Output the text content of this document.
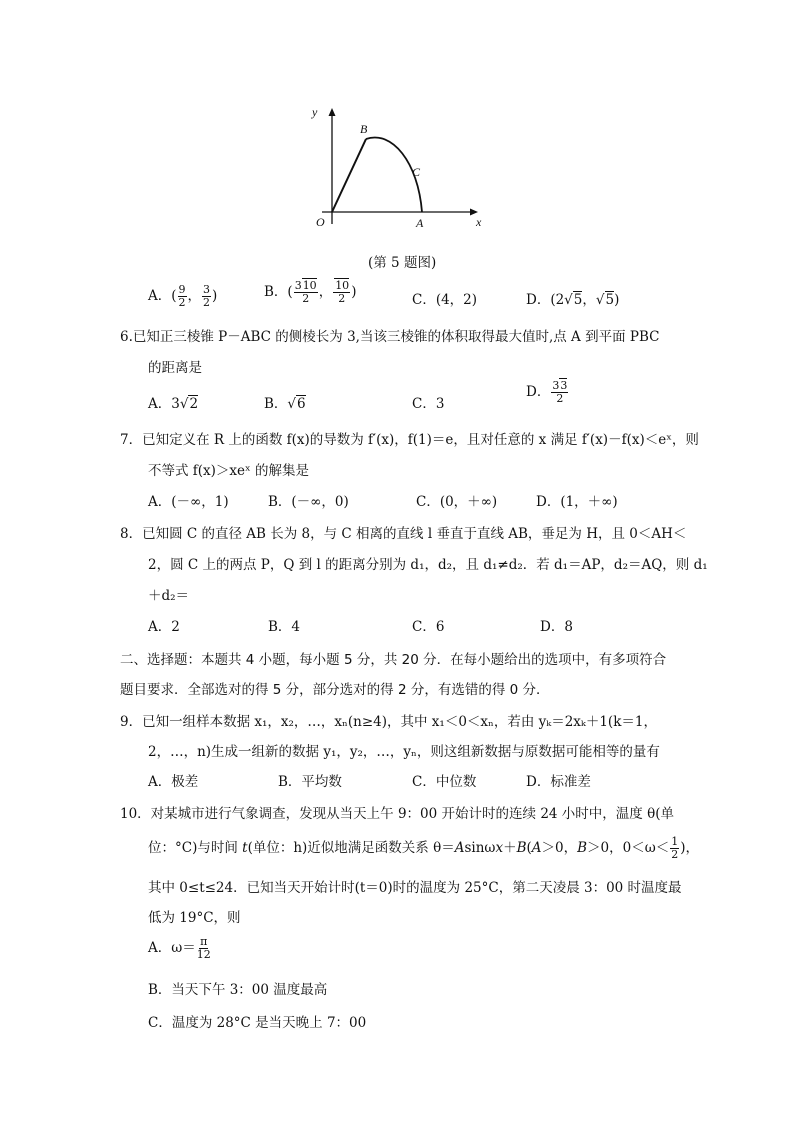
y
B
C
O	A	x
(第 5 题图)
A．( $\frac{9}{2}$ ， $\frac{3}{2}$ )	B．( $\frac{310}{2}$ ， $\frac{10}{2}$ )	C．(4，2)	D．(2√5，√5)
6.已知正三棱锥 P－ABC 的侧棱长为 3,当该三棱锥的体积取得最大值时,点 A 到平面 PBC
的距离是
A．3√2	B．√6	C．3
D． $\frac{33}{2}$
7．已知定义在 R 上的函数 f(x)的导数为 f′(x)，f(1)＝e，且对任意的 x 满足 f′(x)－f(x)＜eˣ，则
不等式 f(x)＞xeˣ 的解集是
A．(－∞，1)	B．(－∞，0)	C．(0，＋∞)	D．(1，＋∞)
8．已知圆 C 的直径 AB 长为 8，与 C 相离的直线 l 垂直于直线 AB，垂足为 H，且 0＜AH＜
2，圆 C 上的两点 P，Q 到 l 的距离分别为 d₁，d₂，且 d₁≠d₂．若 d₁＝AP，d₂＝AQ，则 d₁
＋d₂＝
A．2	B．4	C．6	D．8
二、选择题：本题共 4 小题，每小题 5 分，共 20 分．在每小题给出的选项中，有多项符合
题目要求．全部选对的得 5 分，部分选对的得 2 分，有选错的得 0 分．
9．已知一组样本数据 x₁，x₂，…，xₙ(n≥4)，其中 x₁＜0＜xₙ，若由 yₖ＝2xₖ＋1(k＝1，
2，…，n)生成一组新的数据 y₁，y₂，…，yₙ，则这组新数据与原数据可能相等的量有
A．极差	B．平均数	C．中位数	D．标准差
10．对某城市进行气象调查，发现从当天上午 9：00 开始计时的连续 24 小时中，温度 θ(单
位：°C)与时间 t(单位：h)近似地满足函数关系 θ＝Asinωx＋B(A＞0，B＞0，$0<\omega< \frac{1}{2}$ )，
其中 0≤t≤24．已知当天开始计时(t＝0)时的温度为 25°C，第二天凌晨 3：00 时温度最
低为 19°C，则
A．$\omega= \frac{\pi}{12}$
B．当天下午 3：00 温度最高
C．温度为 28°C 是当天晚上 7：00
